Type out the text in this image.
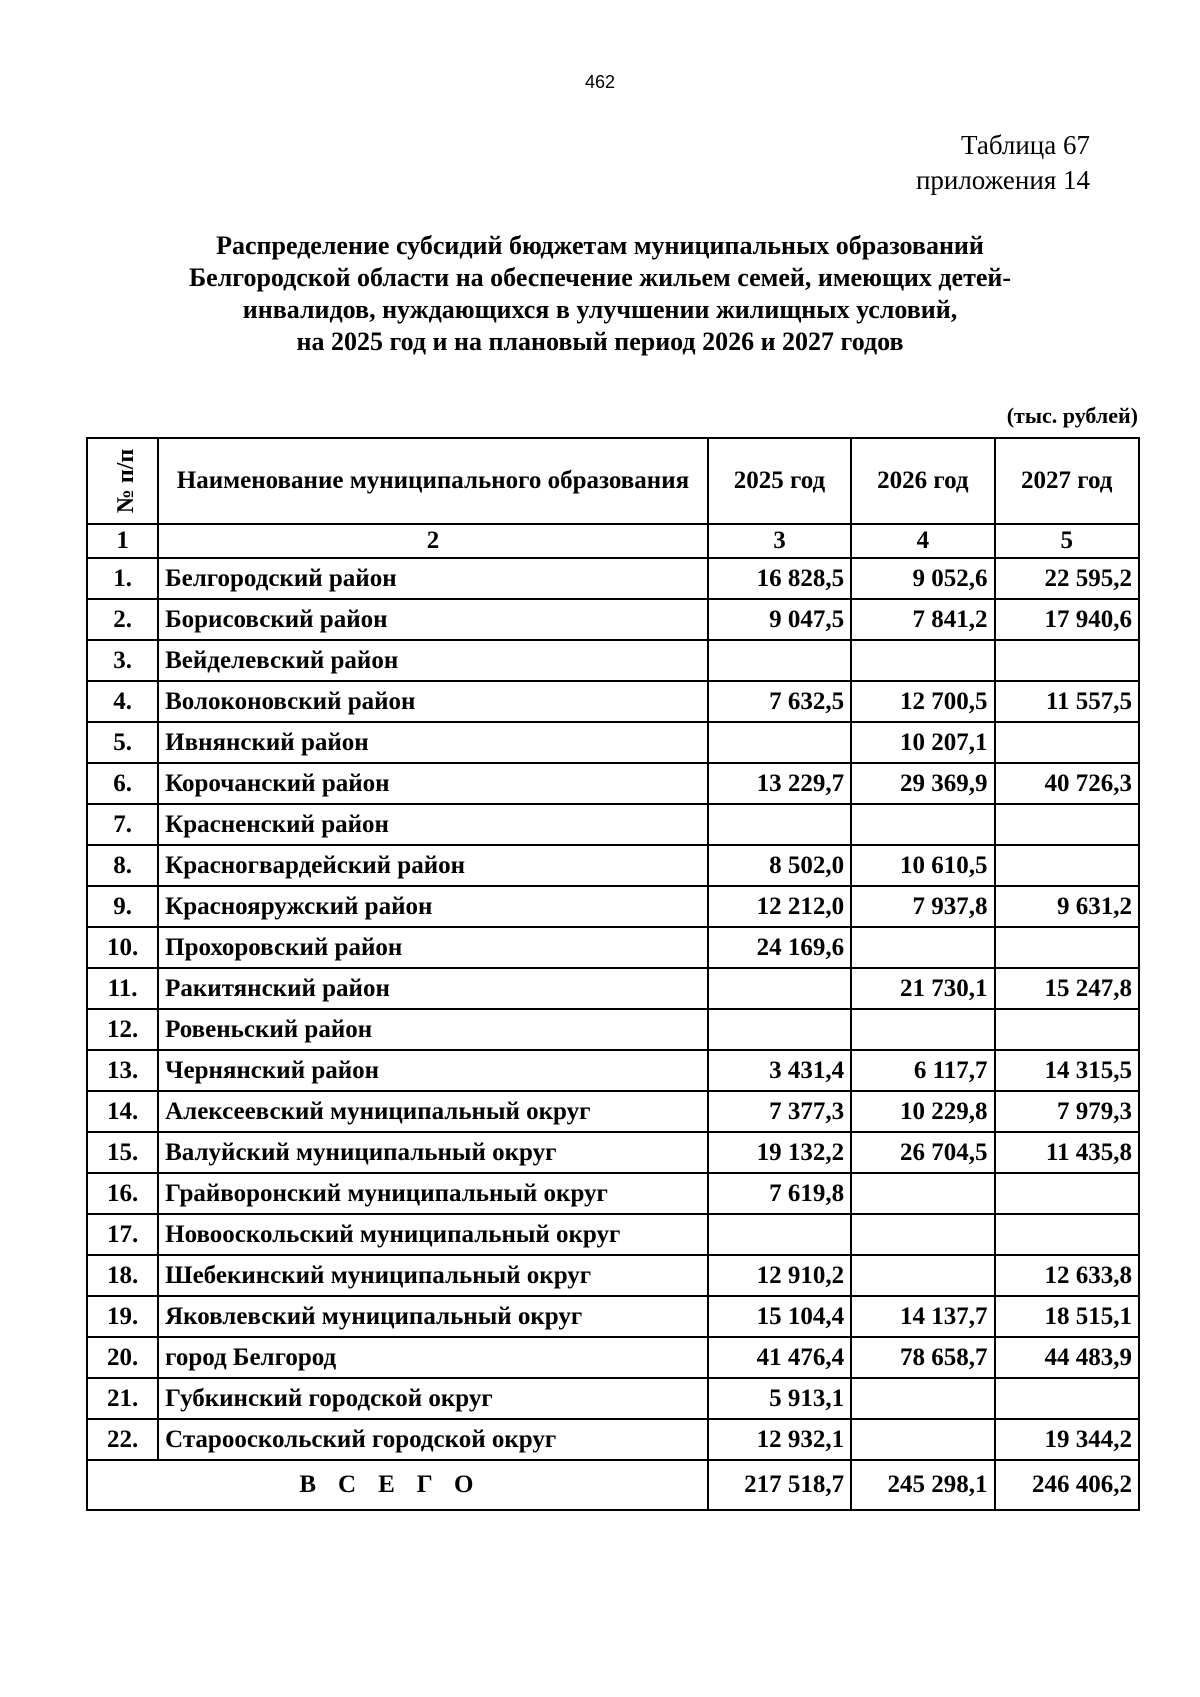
462
Таблица 67
приложения 14
Распределение субсидий бюджетам муниципальных образований
Белгородской области на обеспечение жильем семей, имеющих детей-
инвалидов, нуждающихся в улучшении жилищных условий,
на 2025 год и на плановый период 2026 и 2027 годов
(тыс. рублей)
№ п/п	Наименование муниципального образования	2025 год	2026 год	2027 год
1	2	3	4	5
1.	Белгородский район	16 828,5	9 052,6	22 595,2
2.	Борисовский район	9 047,5	7 841,2	17 940,6
3.	Вейделевский район			
4.	Волоконовский район	7 632,5	12 700,5	11 557,5
5.	Ивнянский район		10 207,1	
6.	Корочанский район	13 229,7	29 369,9	40 726,3
7.	Красненский район			
8.	Красногвардейский район	8 502,0	10 610,5	
9.	Краснояружский район	12 212,0	7 937,8	9 631,2
10.	Прохоровский район	24 169,6		
11.	Ракитянский район		21 730,1	15 247,8
12.	Ровеньский район			
13.	Чернянский район	3 431,4	6 117,7	14 315,5
14.	Алексеевский муниципальный округ	7 377,3	10 229,8	7 979,3
15.	Валуйский муниципальный округ	19 132,2	26 704,5	11 435,8
16.	Грайворонский муниципальный округ	7 619,8		
17.	Новооскольский муниципальный округ			
18.	Шебекинский муниципальный округ	12 910,2		12 633,8
19.	Яковлевский муниципальный округ	15 104,4	14 137,7	18 515,1
20.	город Белгород	41 476,4	78 658,7	44 483,9
21.	Губкинский городской округ	5 913,1		
22.	Старооскольский городской округ	12 932,1		19 344,2
ВСЕГО		217 518,7	245 298,1	246 406,2
